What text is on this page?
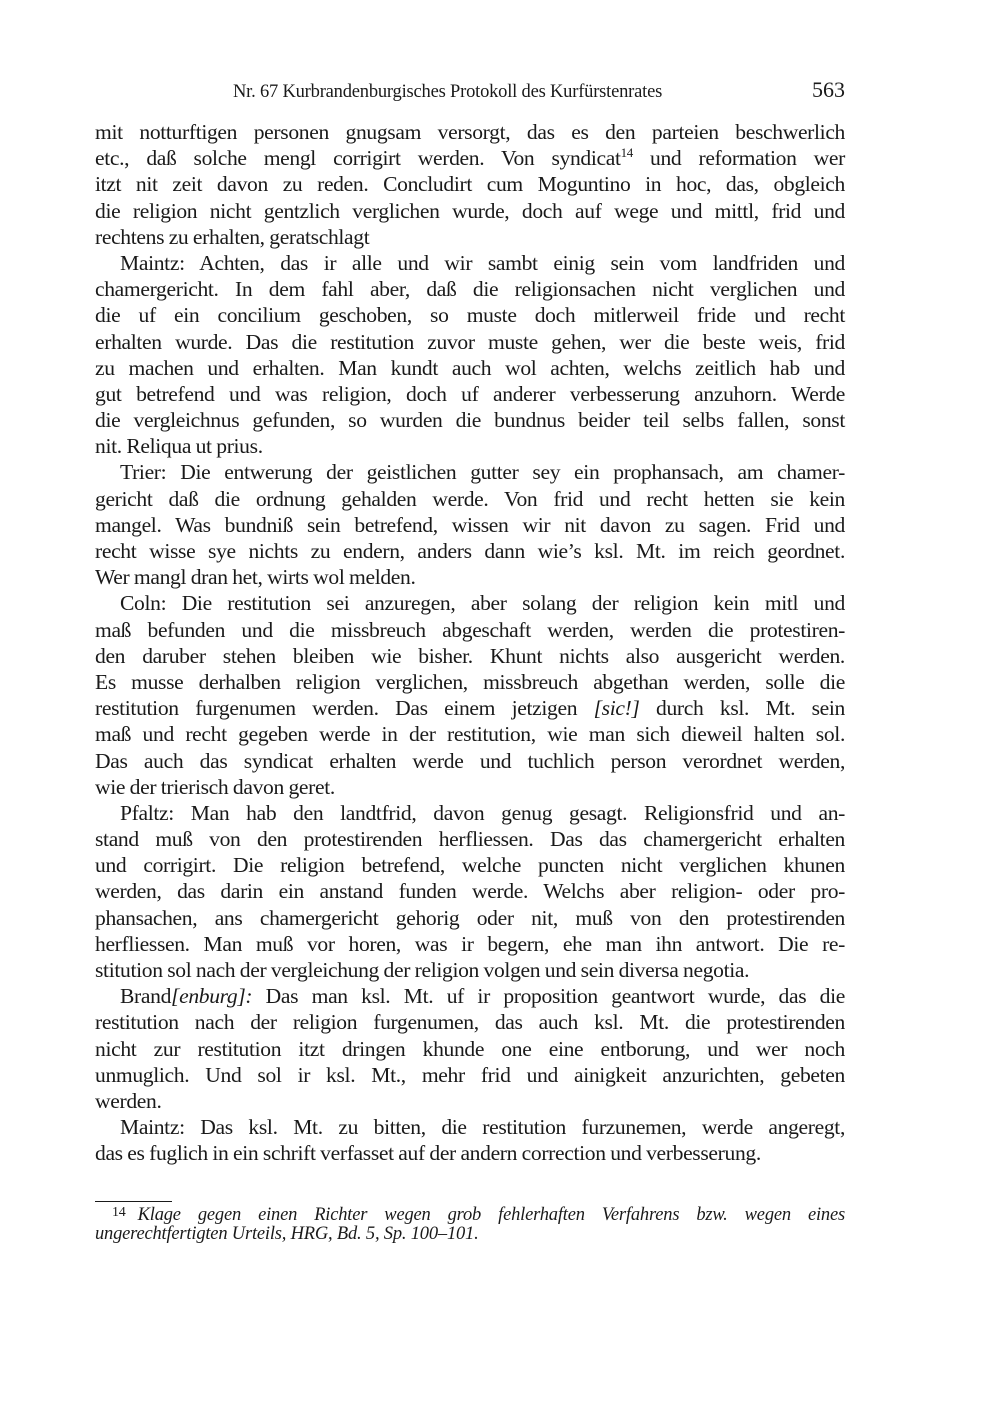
Nr. 67 Kurbrandenburgisches Protokoll des Kurfürstenrates	563
mit notturftigen personen gnugsam versorgt, das es den parteien beschwerlich
etc., daß solche mengl corrigirt werden. Von syndicat$^{14}$ und reformation wer
itzt nit zeit davon zu reden. Concludirt cum Moguntino in hoc, das, obgleich
die religion nicht gentzlich verglichen wurde, doch auf wege und mittl, frid und
rechtens zu erhalten, geratschlagt
Maintz: Achten, das ir alle und wir sambt einig sein vom landfriden und
chamergericht. In dem fahl aber, daß die religionsachen nicht verglichen und
die uf ein concilium geschoben, so muste doch mitlerweil fride und recht
erhalten wurde. Das die restitution zuvor muste gehen, wer die beste weis, frid
zu machen und erhalten. Man kundt auch wol achten, welchs zeitlich hab und
gut betrefend und was religion, doch uf anderer verbesserung anzuhorn. Werde
die vergleichnus gefunden, so wurden die bundnus beider teil selbs fallen, sonst
nit. Reliqua ut prius.
Trier: Die entwerung der geistlichen gutter sey ein prophansach, am chamer-
gericht daß die ordnung gehalden werde. Von frid und recht hetten sie kein
mangel. Was bundniß sein betrefend, wissen wir nit davon zu sagen. Frid und
recht wisse sye nichts zu endern, anders dann wie’s ksl. Mt. im reich geordnet.
Wer mangl dran het, wirts wol melden.
Coln: Die restitution sei anzuregen, aber solang der religion kein mitl und
maß befunden und die missbreuch abgeschaft werden, werden die protestiren-
den daruber stehen bleiben wie bisher. Khunt nichts also ausgericht werden.
Es musse derhalben religion verglichen, missbreuch abgethan werden, solle die
restitution furgenumen werden. Das einem jetzigen [sic!] durch ksl. Mt. sein
maß und recht gegeben werde in der restitution, wie man sich dieweil halten sol.
Das auch das syndicat erhalten werde und tuchlich person verordnet werden,
wie der trierisch davon geret.
Pfaltz: Man hab den landtfrid, davon genug gesagt. Religionsfrid und an-
stand muß von den protestirenden herfliessen. Das das chamergericht erhalten
und corrigirt. Die religion betrefend, welche puncten nicht verglichen khunen
werden, das darin ein anstand funden werde. Welchs aber religion- oder pro-
phansachen, ans chamergericht gehorig oder nit, muß von den protestirenden
herfliessen. Man muß vor horen, was ir begern, ehe man ihn antwort. Die re-
stitution sol nach der vergleichung der religion volgen und sein diversa negotia.
Brand[enburg]: Das man ksl. Mt. uf ir proposition geantwort wurde, das die
restitution nach der religion furgenumen, das auch ksl. Mt. die protestirenden
nicht zur restitution itzt dringen khunde one eine entborung, und wer noch
unmuglich. Und sol ir ksl. Mt., mehr frid und ainigkeit anzurichten, gebeten
werden.
Maintz: Das ksl. Mt. zu bitten, die restitution furzunemen, werde angeregt,
das es fuglich in ein schrift verfasset auf der andern correction und verbesserung.
$^{14}$ Klage gegen einen Richter wegen grob fehlerhaften Verfahrens bzw. wegen eines
ungerechtfertigten Urteils, HRG, Bd. 5, Sp. 100–101.
